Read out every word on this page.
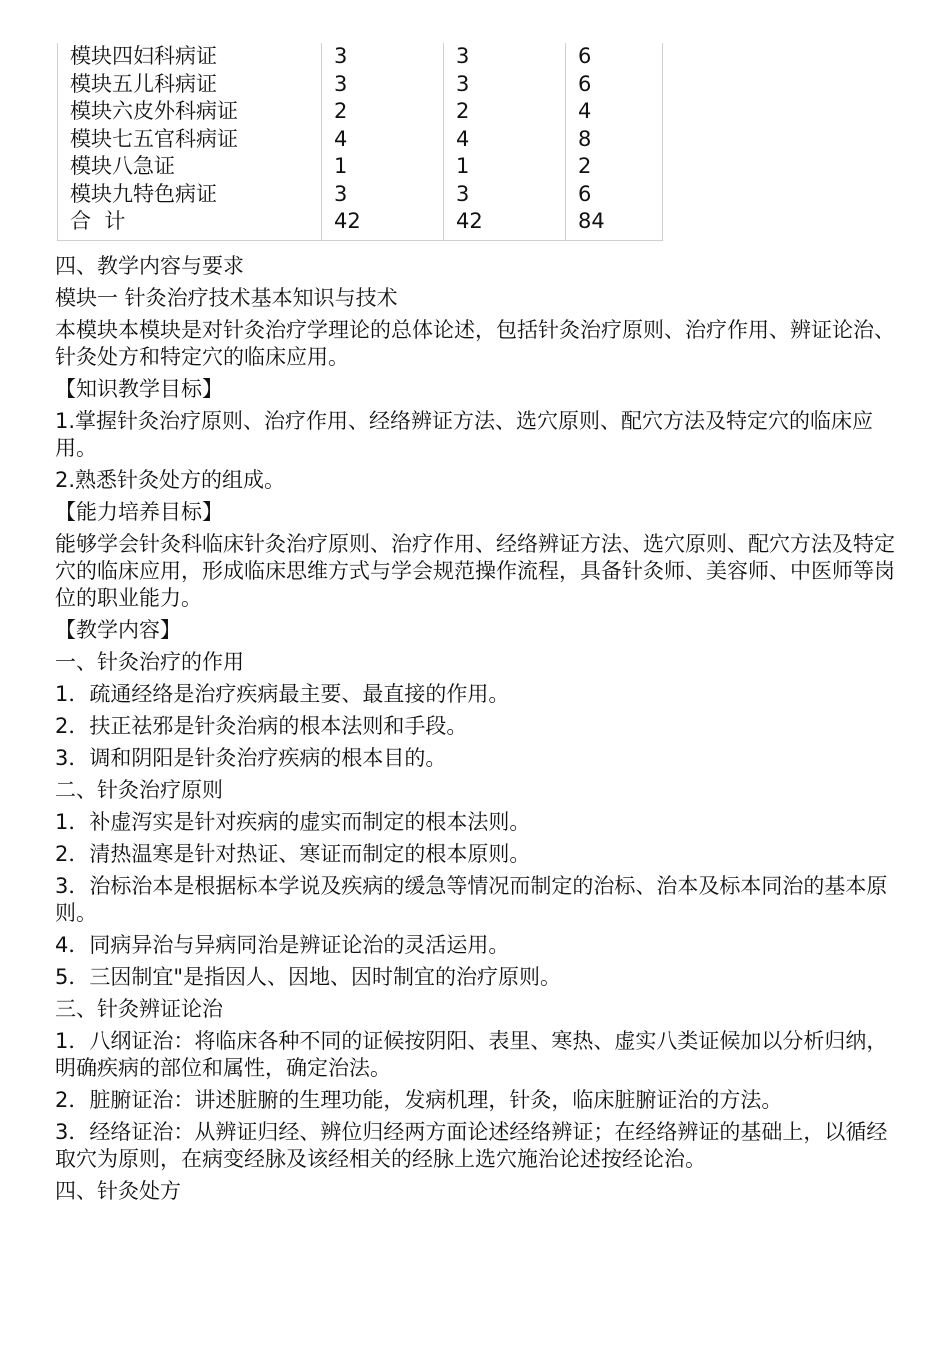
模块四妇科病证	3	3	6
模块五儿科病证	3	3	6
模块六皮外科病证	2	2	4
模块七五官科病证	4	4	8
模块八急证	1	1	2
模块九特色病证	3	3	6
合  计	42	42	84

四、教学内容与要求

模块一 针灸治疗技术基本知识与技术

本模块本模块是对针灸治疗学理论的总体论述，包括针灸治疗原则、治疗作用、辨证论治、针灸处方和特定穴的临床应用。

【知识教学目标】

1.掌握针灸治疗原则、治疗作用、经络辨证方法、选穴原则、配穴方法及特定穴的临床应用。

2.熟悉针灸处方的组成。

【能力培养目标】

能够学会针灸科临床针灸治疗原则、治疗作用、经络辨证方法、选穴原则、配穴方法及特定穴的临床应用，形成临床思维方式与学会规范操作流程，具备针灸师、美容师、中医师等岗位的职业能力。

【教学内容】

一、针灸治疗的作用

1．疏通经络是治疗疾病最主要、最直接的作用。

2．扶正祛邪是针灸治病的根本法则和手段。

3．调和阴阳是针灸治疗疾病的根本目的。

二、针灸治疗原则

1．补虚泻实是针对疾病的虚实而制定的根本法则。

2．清热温寒是针对热证、寒证而制定的根本原则。

3．治标治本是根据标本学说及疾病的缓急等情况而制定的治标、治本及标本同治的基本原则。

4．同病异治与异病同治是辨证论治的灵活运用。

5．三因制宜"是指因人、因地、因时制宜的治疗原则。

三、针灸辨证论治

1．八纲证治：将临床各种不同的证候按阴阳、表里、寒热、虚实八类证候加以分析归纳，明确疾病的部位和属性，确定治法。

2．脏腑证治：讲述脏腑的生理功能，发病机理，针灸，临床脏腑证治的方法。

3．经络证治：从辨证归经、辨位归经两方面论述经络辨证；在经络辨证的基础上，以循经取穴为原则，在病变经脉及该经相关的经脉上选穴施治论述按经论治。

四、针灸处方
